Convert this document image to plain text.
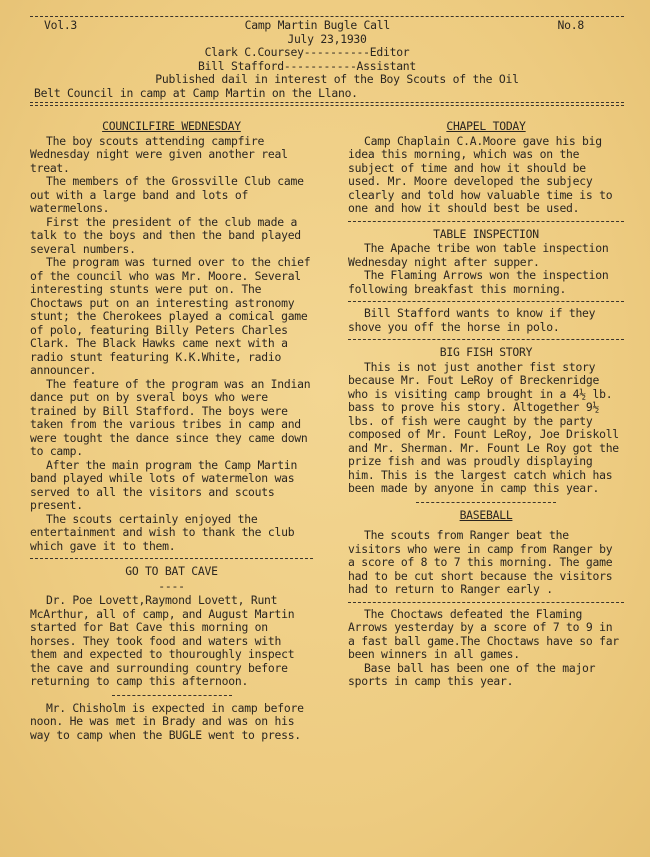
Vol.3	Camp Martin Bugle Call	No.8
July 23,1930
Clark C.Coursey----------Editor
Bill Stafford-----------Assistant
Published dail in interest of the Boy Scouts of the Oil
Belt Council in camp at Camp Martin on the Llano.
COUNCILFIRE WEDNESDAY

The boy scouts attending campfire Wednesday night were given another real treat.

The members of the Grossville Club came out with a large band and lots of watermelons.

First the president of the club made a talk to the boys and then the band played several numbers.

The program was turned over to the chief of the council who was Mr. Moore. Several interesting stunts were put on. The Choctaws put on an interesting astronomy stunt; the Cherokees played a comical game of polo, featuring Billy Peters Charles Clark. The Black Hawks came next with a radio stunt featuring K.K.White, radio announcer.

The feature of the program was an Indian dance put on by sveral boys who were trained by Bill Stafford. The boys were taken from the various tribes in camp and were tought the dance since they came down to camp.

After the main program the Camp Martin band played while lots of watermelon was served to all the visitors and scouts present.

The scouts certainly enjoyed the entertainment and wish to thank the club which gave it to them.

GO TO BAT CAVE
----

Dr. Poe Lovett,Raymond Lovett, Runt McArthur, all of camp, and August Martin started for Bat Cave this morning on horses. They took food and waters with them and expected to thouroughly inspect the cave and surrounding country before returning to camp this afternoon.

Mr. Chisholm is expected in camp before noon. He was met in Brady and was on his way to camp when the BUGLE went to press.

CHAPEL TODAY

Camp Chaplain C.A.Moore gave his big idea this morning, which was on the subject of time and how it should be used. Mr. Moore developed the subjecy clearly and told how valuable time is to one and how it should best be used.

TABLE INSPECTION

The Apache tribe won table inspection Wednesday night after supper.

The Flaming Arrows won the inspection following breakfast this morning.

Bill Stafford wants to know if they shove you off the horse in polo.

BIG FISH STORY

This is not just another fist story because Mr. Fout LeRoy of Breckenridge who is visiting camp brought in a 4½ lb. bass to prove his story. Altogether 9½ lbs. of fish were caught by the party composed of Mr. Fount LeRoy, Joe Driskoll and Mr. Sherman. Mr. Fount Le Roy got the prize fish and was proudly displaying him. This is the largest catch which has been made by anyone in camp this year.

BASEBALL

The scouts from Ranger beat the visitors who were in camp from Ranger by a score of 8 to 7 this morning. The game had to be cut short because the visitors had to return to Ranger early .

The Choctaws defeated the Flaming Arrows yesterday by a score of 7 to 9 in a fast ball game.The Choctaws have so far been winners in all games.

Base ball has been one of the major sports in camp this year.
